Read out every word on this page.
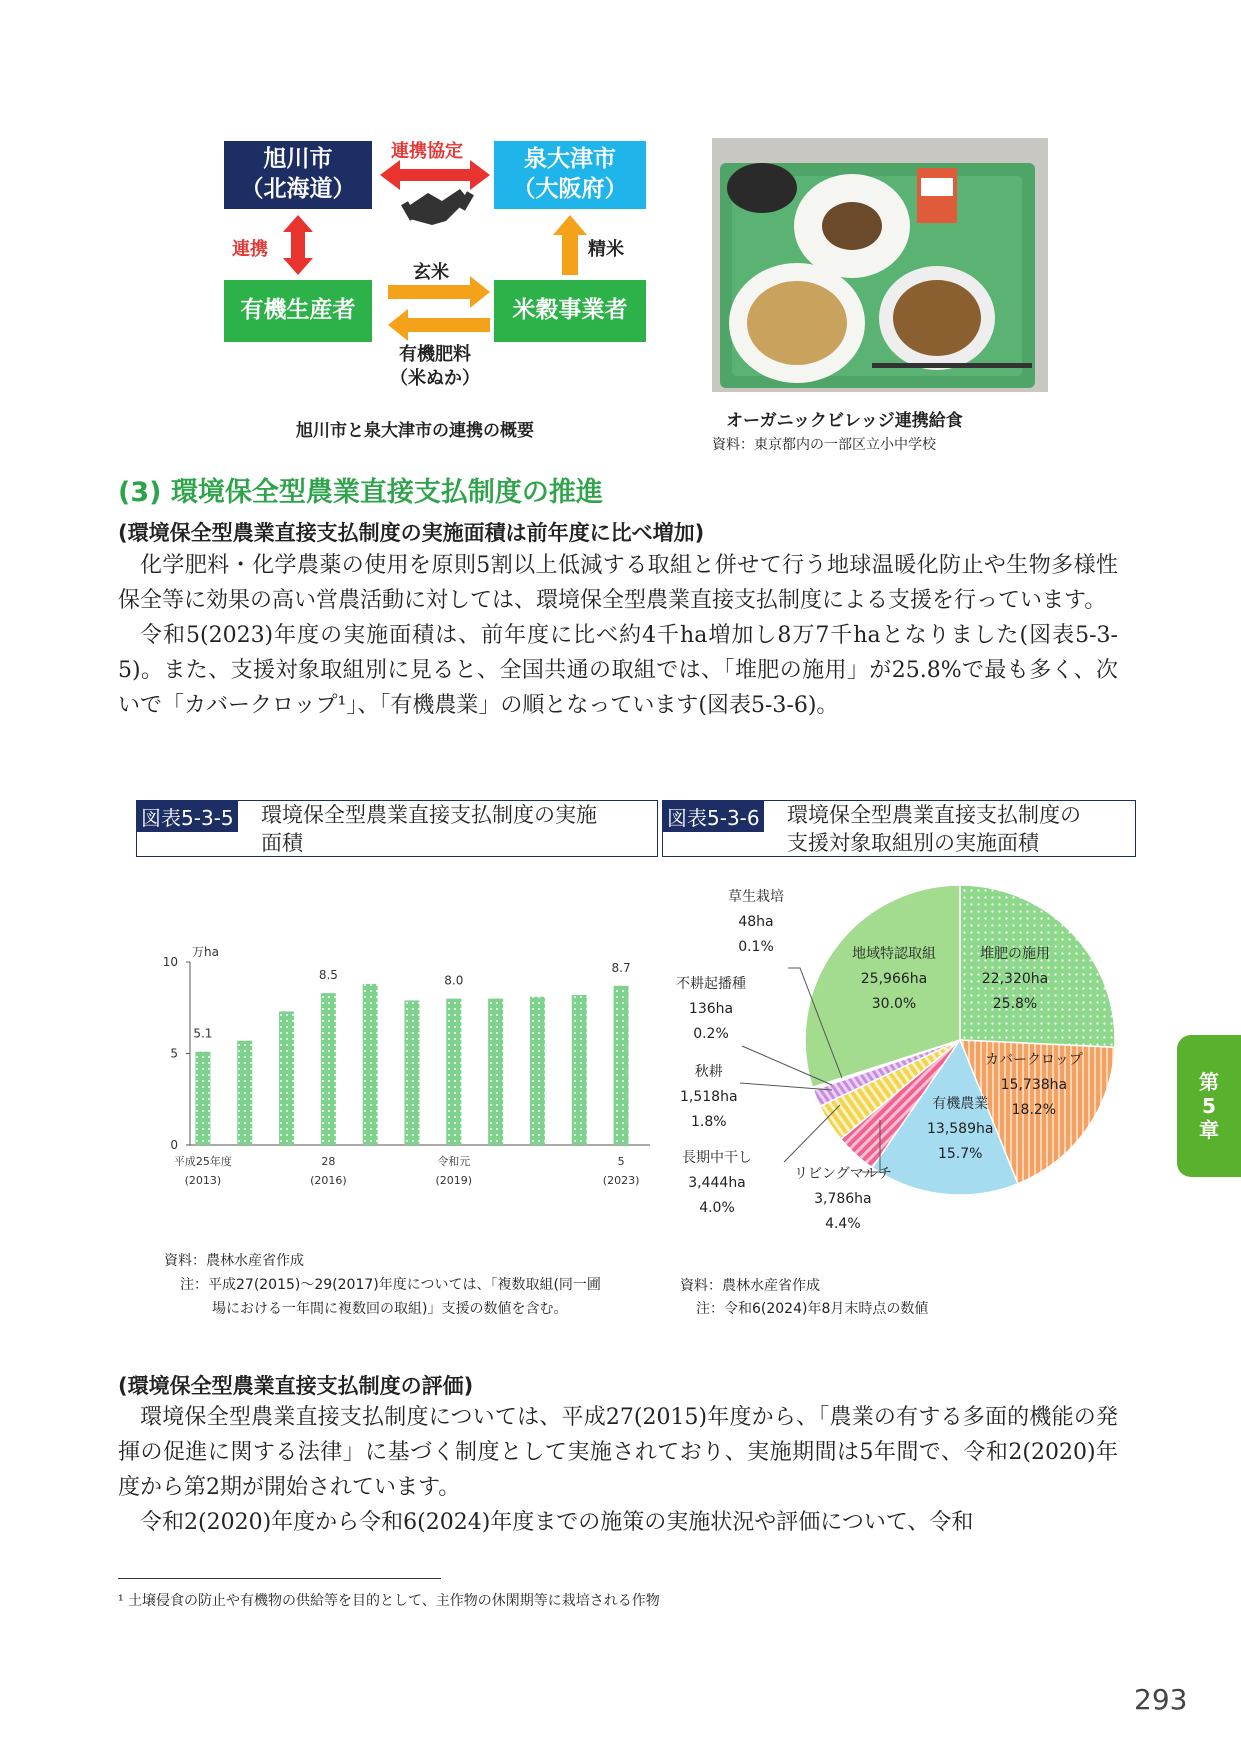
旭川市
（北海道）
泉大津市
（大阪府）
有機生産者	米穀事業者
連携協定
連携	精米
玄米
有機肥料
（米ぬか）
旭川市と泉大津市の連携の概要	オーガニックビレッジ連携給食
資料：東京都内の一部区立小中学校
(3) 環境保全型農業直接支払制度の推進
(環境保全型農業直接支払制度の実施面積は前年度に比べ増加)

化学肥料・化学農薬の使用を原則5割以上低減する取組と併せて行う地球温暖化防止や生物多様性保全等に効果の高い営農活動に対しては、環境保全型農業直接支払制度による支援を行っています。

令和5(2023)年度の実施面積は、前年度に比べ約4千ha増加し8万7千haとなりました(図表5-3-5)。また、支援対象取組別に見ると、全国共通の取組では、「堆肥の施用」が25.8%で最も多く、次いで「カバークロップ¹」、「有機農業」の順となっています(図表5-3-6)。

図表5-3-5 環境保全型農業直接支払制度の実施
面積
図表5-3-6 環境保全型農業直接支払制度の
支援対象取組別の実施面積
万ha
0
5
10
5.1
8.5	8.0
8.7
平成25年度
(2013)
28
(2016)
令和元
(2019)
5
(2023)
資料：農林水産省作成
注：平成27(2015)～29(2017)年度については、「複数取組(同一圃
場における一年間に複数回の取組)」支援の数値を含む。
地域特認取組
25,966ha
30.0%
堆肥の施用
22,320ha
25.8%
カバークロップ
15,738ha
18.2%
有機農業
13,589ha
15.7%
草生栽培
48ha
0.1%
不耕起播種
136ha
0.2%
秋耕
1,518ha
1.8%
長期中干し
3,444ha
4.0%
リビングマルチ
3,786ha
4.4%
資料：農林水産省作成
注：令和6(2024)年8月末時点の数値
(環境保全型農業直接支払制度の評価)

環境保全型農業直接支払制度については、平成27(2015)年度から、「農業の有する多面的機能の発揮の促進に関する法律」に基づく制度として実施されており、実施期間は5年間で、令和2(2020)年度から第2期が開始されています。

令和2(2020)年度から令和6(2024)年度までの施策の実施状況や評価について、令和

¹ 土壌侵食の防止や有機物の供給等を目的として、主作物の休閑期等に栽培される作物
第
5
章
293
